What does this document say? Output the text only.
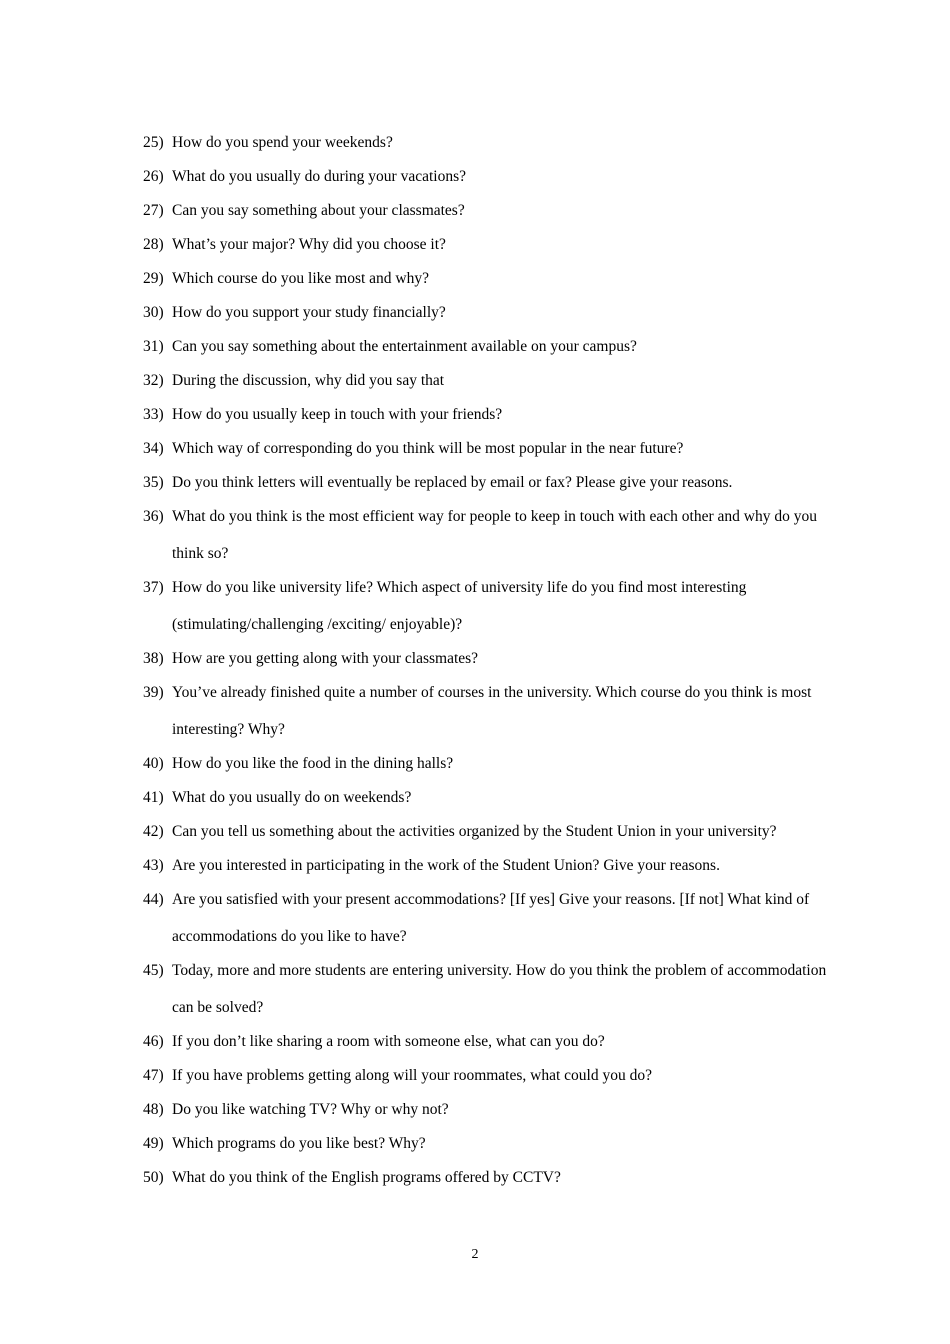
25) How do you spend your weekends?
26) What do you usually do during your vacations?
27) Can you say something about your classmates?
28) What’s your major? Why did you choose it?
29) Which course do you like most and why?
30) How do you support your study financially?
31) Can you say something about the entertainment available on your campus?
32) During the discussion, why did you say that
33) How do you usually keep in touch with your friends?
34) Which way of corresponding do you think will be most popular in the near future?
35) Do you think letters will eventually be replaced by email or fax? Please give your reasons.
36) What do you think is the most efficient way for people to keep in touch with each other and why do you think so?
37) How do you like university life? Which aspect of university life do you find most interesting (stimulating/challenging /exciting/ enjoyable)?
38) How are you getting along with your classmates?
39) You’ve already finished quite a number of courses in the university. Which course do you think is most interesting? Why?
40) How do you like the food in the dining halls?
41) What do you usually do on weekends?
42) Can you tell us something about the activities organized by the Student Union in your university?
43) Are you interested in participating in the work of the Student Union? Give your reasons.
44) Are you satisfied with your present accommodations? [If yes] Give your reasons. [If not] What kind of accommodations do you like to have?
45) Today, more and more students are entering university. How do you think the problem of accommodation can be solved?
46) If you don’t like sharing a room with someone else, what can you do?
47) If you have problems getting along will your roommates, what could you do?
48) Do you like watching TV? Why or why not?
49) Which programs do you like best? Why?
50) What do you think of the English programs offered by CCTV?
2
